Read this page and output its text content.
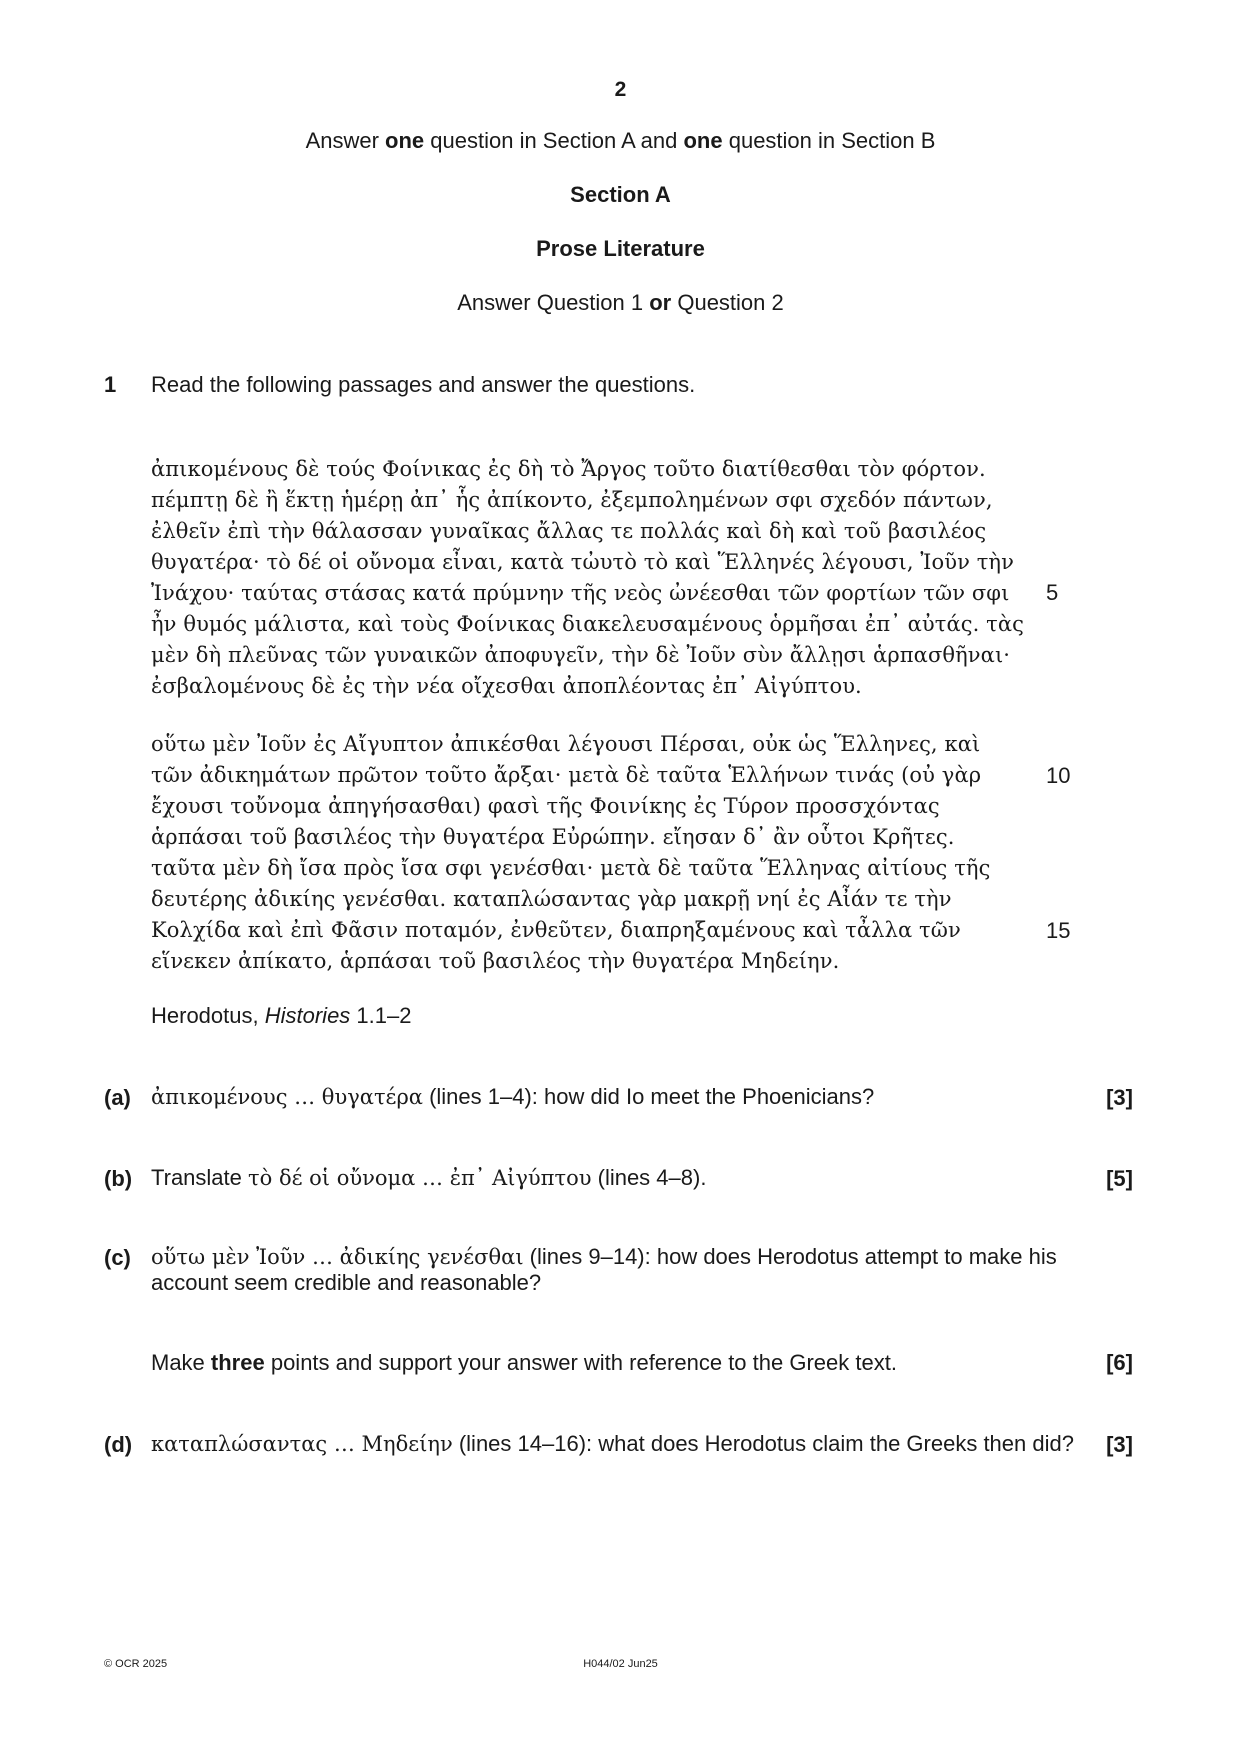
2
Answer one question in Section A and one question in Section B
Section A
Prose Literature
Answer Question 1 or Question 2
1 Read the following passages and answer the questions.
ἀπικομένους δὲ τούς Φοίνικας ἐς δὴ τὸ Ἄργος τοῦτο διατίθεσθαι τὸν φόρτον.
πέμπτῃ δὲ ἢ ἕκτῃ ἡμέρῃ ἀπ᾽ ἧς ἀπίκοντο, ἐξεμπολημένων σφι σχεδόν πάντων,
ἐλθεῖν ἐπὶ τὴν θάλασσαν γυναῖκας ἄλλας τε πολλάς καὶ δὴ καὶ τοῦ βασιλέος
θυγατέρα· τὸ δέ οἱ οὔνομα εἶναι, κατὰ τὠυτὸ τὸ καὶ Ἕλληνές λέγουσι, Ἰοῦν τὴν
Ἰνάχου· ταύτας στάσας κατά πρύμνην τῆς νεὸς ὠνέεσθαι τῶν φορτίων τῶν σφι
ἦν θυμός μάλιστα, καὶ τοὺς Φοίνικας διακελευσαμένους ὁρμῆσαι ἐπ᾽ αὐτάς. τὰς
μὲν δὴ πλεῦνας τῶν γυναικῶν ἀποφυγεῖν, τὴν δὲ Ἰοῦν σὺν ἄλλῃσι ἁρπασθῆναι·
ἐσβαλομένους δὲ ἐς τὴν νέα οἴχεσθαι ἀποπλέοντας ἐπ᾽ Αἰγύπτου.
οὕτω μὲν Ἰοῦν ἐς Αἴγυπτον ἀπικέσθαι λέγουσι Πέρσαι, οὐκ ὡς Ἕλληνες, καὶ
τῶν ἀδικημάτων πρῶτον τοῦτο ἄρξαι· μετὰ δὲ ταῦτα Ἑλλήνων τινάς (οὐ γὰρ
ἔχουσι τοὔνομα ἀπηγήσασθαι) φασὶ τῆς Φοινίκης ἐς Τύρον προσσχόντας
ἁρπάσαι τοῦ βασιλέος τὴν θυγατέρα Εὐρώπην. εἴησαν δ᾽ ἂν οὗτοι Κρῆτες.
ταῦτα μὲν δὴ ἴσα πρὸς ἴσα σφι γενέσθαι· μετὰ δὲ ταῦτα Ἕλληνας αἰτίους τῆς
δευτέρης ἀδικίης γενέσθαι. καταπλώσαντας γὰρ μακρῇ νηί ἐς Αἶάν τε τὴν
Κολχίδα καὶ ἐπὶ Φᾶσιν ποταμόν, ἐνθεῦτεν, διαπρηξαμένους καὶ τἆλλα τῶν
εἵνεκεν ἀπίκατο, ἁρπάσαι τοῦ βασιλέος τὴν θυγατέρα Μηδείην.
5
10
15
Herodotus, Histories 1.1–2
(a) ἀπικομένους … θυγατέρα (lines 1–4): how did Io meet the Phoenicians?	[3]
(b) Translate τὸ δέ οἱ οὔνομα … ἐπ᾽ Αἰγύπτου (lines 4–8).	[5]
(c) οὕτω μὲν Ἰοῦν … ἀδικίης γενέσθαι (lines 9–14): how does Herodotus attempt to make his
account seem credible and reasonable?
Make three points and support your answer with reference to the Greek text.	[6]
(d) καταπλώσαντας … Μηδείην (lines 14–16): what does Herodotus claim the Greeks then did? [3]
© OCR 2025	H044/02 Jun25
